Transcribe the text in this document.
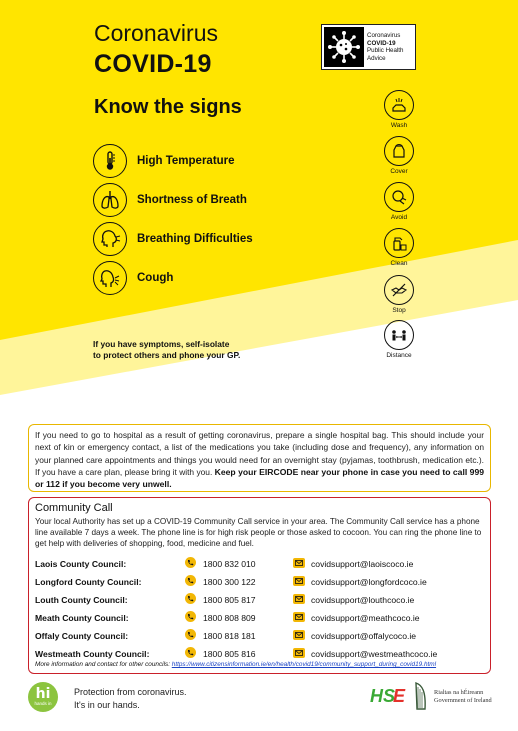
Coronavirus
COVID-19
Coronavirus
COVID-19
Public Health
Advice
Know the signs
High Temperature
Shortness of Breath
Breathing Difficulties
Cough
If you have symptoms, self-isolate
to protect others and phone your GP.
Wash
Cover
Avoid
Clean
Stop
Distance
If you need to go to hospital as a result of getting coronavirus, prepare a single hospital bag. This should include your next of kin or emergency contact, a list of the medications you take (including dose and frequency), any information on your planned care appointments and things you would need for an overnight stay (pyjamas, toothbrush, medication etc.). If you have a care plan, please bring it with you. Keep your EIRCODE near your phone in case you need to call 999 or 112 if you become very unwell.
Community Call
Your local Authority has set up a COVID-19 Community Call service in your area. The Community Call service has a phone line available 7 days a week. The phone line is for high risk people or those asked to cocoon. You can ring the phone line to get help with deliveries of shopping, food, medicine and fuel.
Laois County Council:	1800 832 010	covidsupport@laoiscoco.ie
Longford County Council:	1800 300 122	covidsupport@longfordcoco.ie
Louth County Council:	1800 805 817	covidsupport@louthcoco.ie
Meath County Council:	1800 808 809	covidsupport@meathcoco.ie
Offaly County Council:	1800 818 181	covidsupport@offalycoco.ie
Westmeath County Council:	1800 805 816	covidsupport@westmeathcoco.ie
More information and contact for other councils: https://www.citizensinformation.ie/en/health/covid19/community_support_during_covid19.html
hi
hands in
Protection from coronavirus.
It's in our hands.	H S
E	Rialtas na hÉireann
Government of Ireland
